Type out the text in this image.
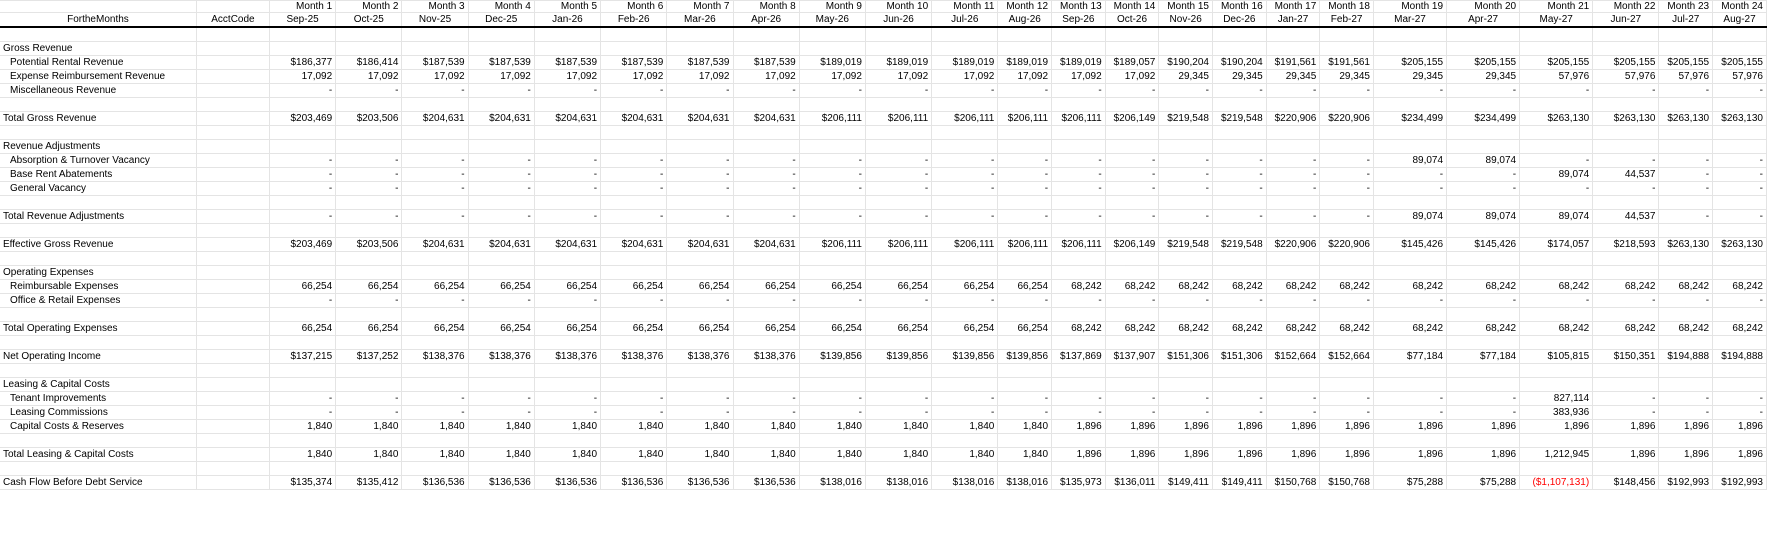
		Month 1	Month 2	Month 3	Month 4	Month 5	Month 6	Month 7	Month 8	Month 9	Month 10	Month 11	Month 12	Month 13	Month 14	Month 15	Month 16	Month 17	Month 18	Month 19	Month 20	Month 21	Month 22	Month 23	Month 24
FortheMonths	AcctCode	Sep-25	Oct-25	Nov-25	Dec-25	Jan-26	Feb-26	Mar-26	Apr-26	May-26	Jun-26	Jul-26	Aug-26	Sep-26	Oct-26	Nov-26	Dec-26	Jan-27	Feb-27	Mar-27	Apr-27	May-27	Jun-27	Jul-27	Aug-27

Gross Revenue																									
Potential Rental Revenue		$186,377	$186,414	$187,539	$187,539	$187,539	$187,539	$187,539	$187,539	$189,019	$189,019	$189,019	$189,019	$189,019	$189,057	$190,204	$190,204	$191,561	$191,561	$205,155	$205,155	$205,155	$205,155	$205,155	$205,155
Expense Reimbursement Revenue		17,092	17,092	17,092	17,092	17,092	17,092	17,092	17,092	17,092	17,092	17,092	17,092	17,092	17,092	29,345	29,345	29,345	29,345	29,345	29,345	57,976	57,976	57,976	57,976
Miscellaneous Revenue		-	-	-	-	-	-	-	-	-	-	-	-	-	-	-	-	-	-	-	-	-	-	-	-

Total Gross Revenue		$203,469	$203,506	$204,631	$204,631	$204,631	$204,631	$204,631	$204,631	$206,111	$206,111	$206,111	$206,111	$206,111	$206,149	$219,548	$219,548	$220,906	$220,906	$234,499	$234,499	$263,130	$263,130	$263,130	$263,130

Revenue Adjustments																									
Absorption & Turnover Vacancy		-	-	-	-	-	-	-	-	-	-	-	-	-	-	-	-	-	-	89,074	89,074	-	-	-	-
Base Rent Abatements		-	-	-	-	-	-	-	-	-	-	-	-	-	-	-	-	-	-	-	-	89,074	44,537	-	-
General Vacancy		-	-	-	-	-	-	-	-	-	-	-	-	-	-	-	-	-	-	-	-	-	-	-	-

Total Revenue Adjustments		-	-	-	-	-	-	-	-	-	-	-	-	-	-	-	-	-	-	89,074	89,074	89,074	44,537	-	-

Effective Gross Revenue		$203,469	$203,506	$204,631	$204,631	$204,631	$204,631	$204,631	$204,631	$206,111	$206,111	$206,111	$206,111	$206,111	$206,149	$219,548	$219,548	$220,906	$220,906	$145,426	$145,426	$174,057	$218,593	$263,130	$263,130

Operating Expenses																									
Reimbursable Expenses		66,254	66,254	66,254	66,254	66,254	66,254	66,254	66,254	66,254	66,254	66,254	66,254	68,242	68,242	68,242	68,242	68,242	68,242	68,242	68,242	68,242	68,242	68,242	68,242
Office & Retail Expenses		-	-	-	-	-	-	-	-	-	-	-	-	-	-	-	-	-	-	-	-	-	-	-	-

Total Operating Expenses		66,254	66,254	66,254	66,254	66,254	66,254	66,254	66,254	66,254	66,254	66,254	66,254	68,242	68,242	68,242	68,242	68,242	68,242	68,242	68,242	68,242	68,242	68,242	68,242

Net Operating Income		$137,215	$137,252	$138,376	$138,376	$138,376	$138,376	$138,376	$138,376	$139,856	$139,856	$139,856	$139,856	$137,869	$137,907	$151,306	$151,306	$152,664	$152,664	$77,184	$77,184	$105,815	$150,351	$194,888	$194,888

Leasing & Capital Costs																									
Tenant Improvements		-	-	-	-	-	-	-	-	-	-	-	-	-	-	-	-	-	-	-	-	827,114	-	-	-
Leasing Commissions		-	-	-	-	-	-	-	-	-	-	-	-	-	-	-	-	-	-	-	-	383,936	-	-	-
Capital Costs & Reserves		1,840	1,840	1,840	1,840	1,840	1,840	1,840	1,840	1,840	1,840	1,840	1,840	1,896	1,896	1,896	1,896	1,896	1,896	1,896	1,896	1,896	1,896	1,896	1,896

Total Leasing & Capital Costs		1,840	1,840	1,840	1,840	1,840	1,840	1,840	1,840	1,840	1,840	1,840	1,840	1,896	1,896	1,896	1,896	1,896	1,896	1,896	1,896	1,212,945	1,896	1,896	1,896

Cash Flow Before Debt Service		$135,374	$135,412	$136,536	$136,536	$136,536	$136,536	$136,536	$136,536	$138,016	$138,016	$138,016	$138,016	$135,973	$136,011	$149,411	$149,411	$150,768	$150,768	$75,288	$75,288	($1,107,131)	$148,456	$192,993	$192,993
